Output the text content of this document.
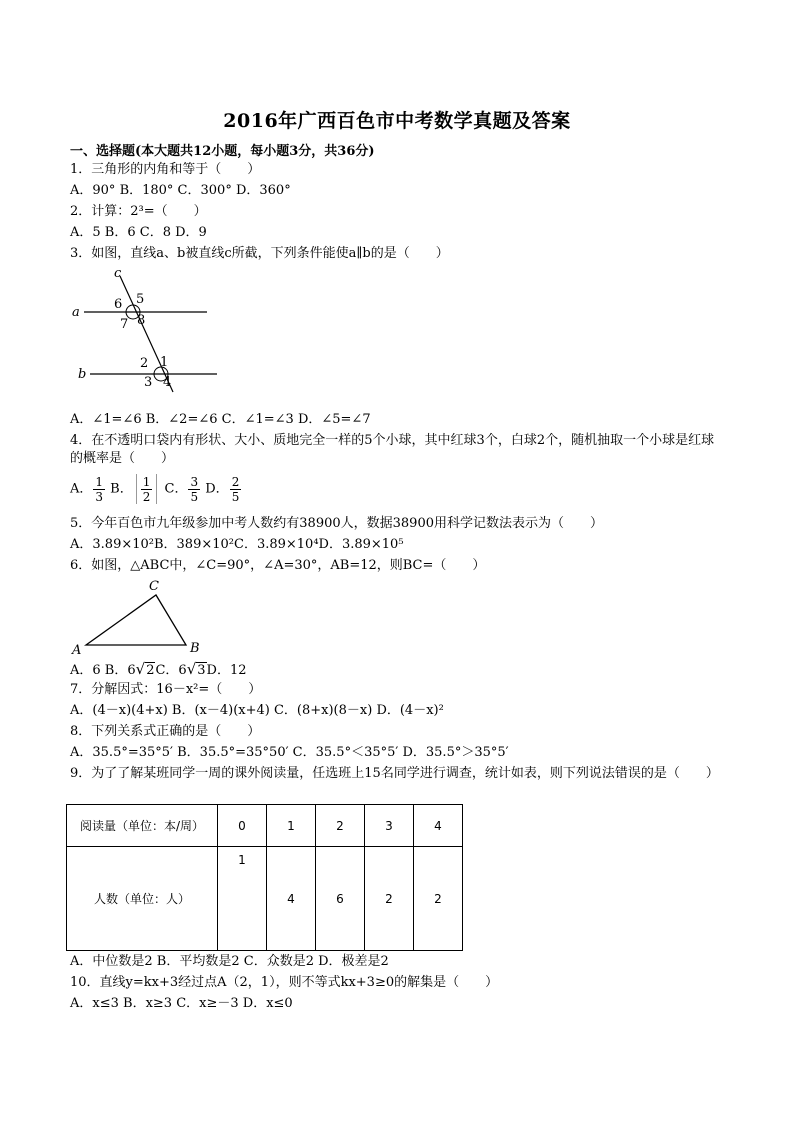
2016年广西百色市中考数学真题及答案
一、选择题(本大题共12小题，每小题3分，共36分)
1．三角形的内角和等于（　　）
A．90° B．180° C．300° D．360°
2．计算：2³=（　　）
A．5 B．6 C．8 D．9
3．如图，直线a、b被直线c所截，下列条件能使a∥b的是（　　）
c
a
b
6 5
7 8
2 1
3 4
A．∠1=∠6 B．∠2=∠6 C．∠1=∠3 D．∠5=∠7
4．在不透明口袋内有形状、大小、质地完全一样的5个小球，其中红球3个，白球2个，随机抽取一个小球是红球的概率是（　　）
A． $\frac{1}{3}$ B． $\frac{1}{2}$ C． $\frac{3}{5}$ D． $\frac{2}{5}$
5．今年百色市九年级参加中考人数约有38900人，数据38900用科学记数法表示为（　　）
A．3.89×10²B．389×10²C．3.89×10⁴D．3.89×10⁵
6．如图，△ABC中，∠C=90°，∠A=30°，AB=12，则BC=（　　）
A
C
B
A．6 B．6√2C．6√3D．12
7．分解因式：16－x²=（　　）
A．(4－x)(4+x) B．(x－4)(x+4) C．(8+x)(8－x) D．(4－x)²
8．下列关系式正确的是（　　）
A．35.5°=35°5′ B．35.5°=35°50′ C．35.5°＜35°5′ D．35.5°＞35°5′
9．为了了解某班同学一周的课外阅读量，任选班上15名同学进行调查，统计如表，则下列说法错误的是（　　）
阅读量（单位：本/周）	0	1	2	3	4
人数（单位：人）	1	4	6	2	2
A．中位数是2 B．平均数是2 C．众数是2 D．极差是2
10．直线y=kx+3经过点A（2，1），则不等式kx+3≥0的解集是（　　）
A．x≤3 B．x≥3 C．x≥－3 D．x≤0
